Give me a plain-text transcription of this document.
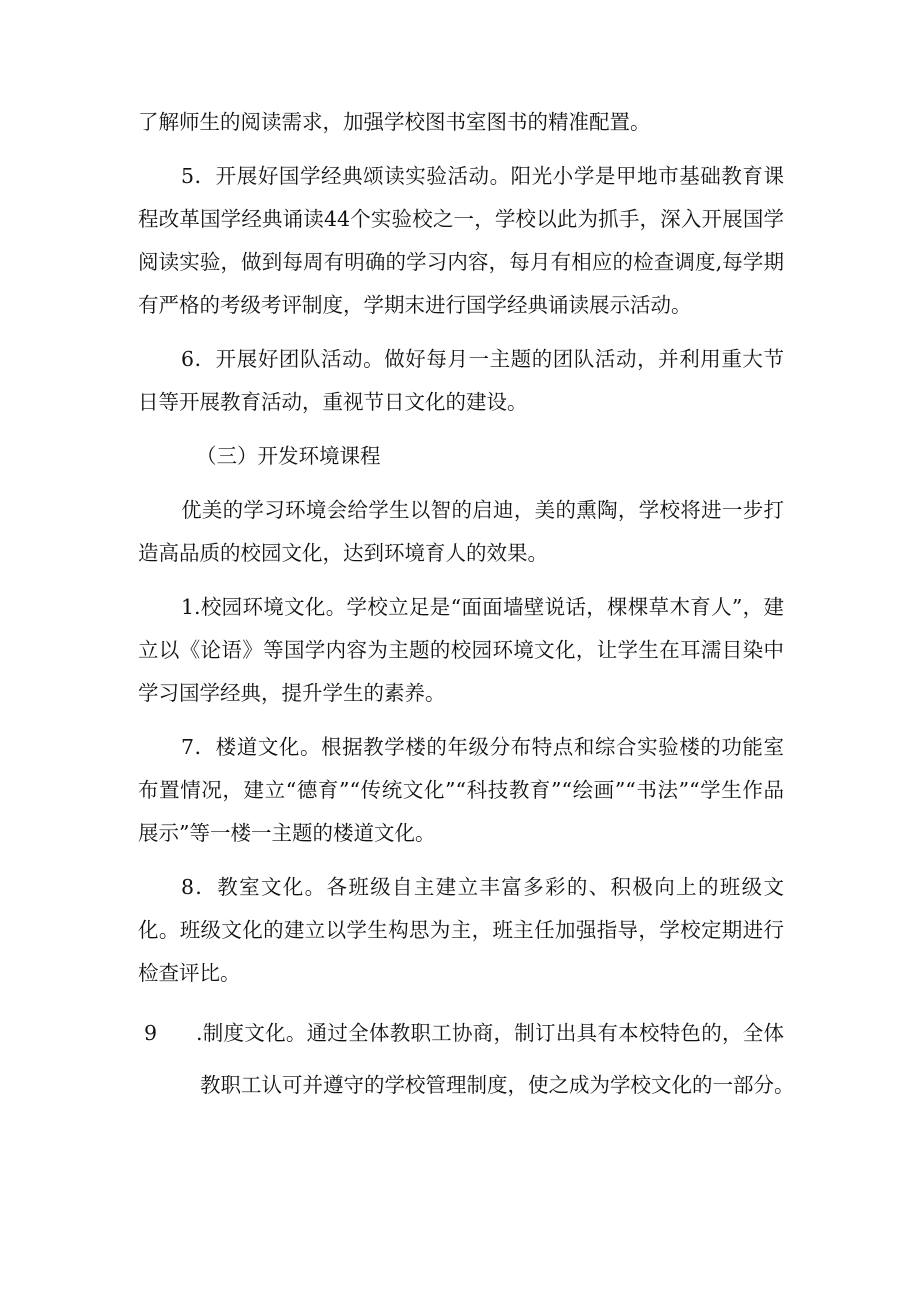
了解师生的阅读需求，加强学校图书室图书的精准配置。

5．开展好国学经典颂读实验活动。阳光小学是甲地市基础教育课程改革国学经典诵读44个实验校之一，学校以此为抓手，深入开展国学阅读实验，做到每周有明确的学习内容，每月有相应的检查调度,每学期有严格的考级考评制度，学期末进行国学经典诵读展示活动。

6．开展好团队活动。做好每月一主题的团队活动，并利用重大节日等开展教育活动，重视节日文化的建设。

（三）开发环境课程

优美的学习环境会给学生以智的启迪，美的熏陶，学校将进一步打造高品质的校园文化，达到环境育人的效果。

1.校园环境文化。学校立足是“面面墙壁说话，棵棵草木育人”，建立以《论语》等国学内容为主题的校园环境文化，让学生在耳濡目染中学习国学经典，提升学生的素养。

7．楼道文化。根据教学楼的年级分布特点和综合实验楼的功能室布置情况，建立“德育”“传统文化”“科技教育”“绘画”“书法”“学生作品展示”等一楼一主题的楼道文化。

8．教室文化。各班级自主建立丰富多彩的、积极向上的班级文化。班级文化的建立以学生构思为主，班主任加强指导，学校定期进行检查评比。

9 .制度文化。通过全体教职工协商，制订出具有本校特色的，全体
教职工认可并遵守的学校管理制度，使之成为学校文化的一部分。
